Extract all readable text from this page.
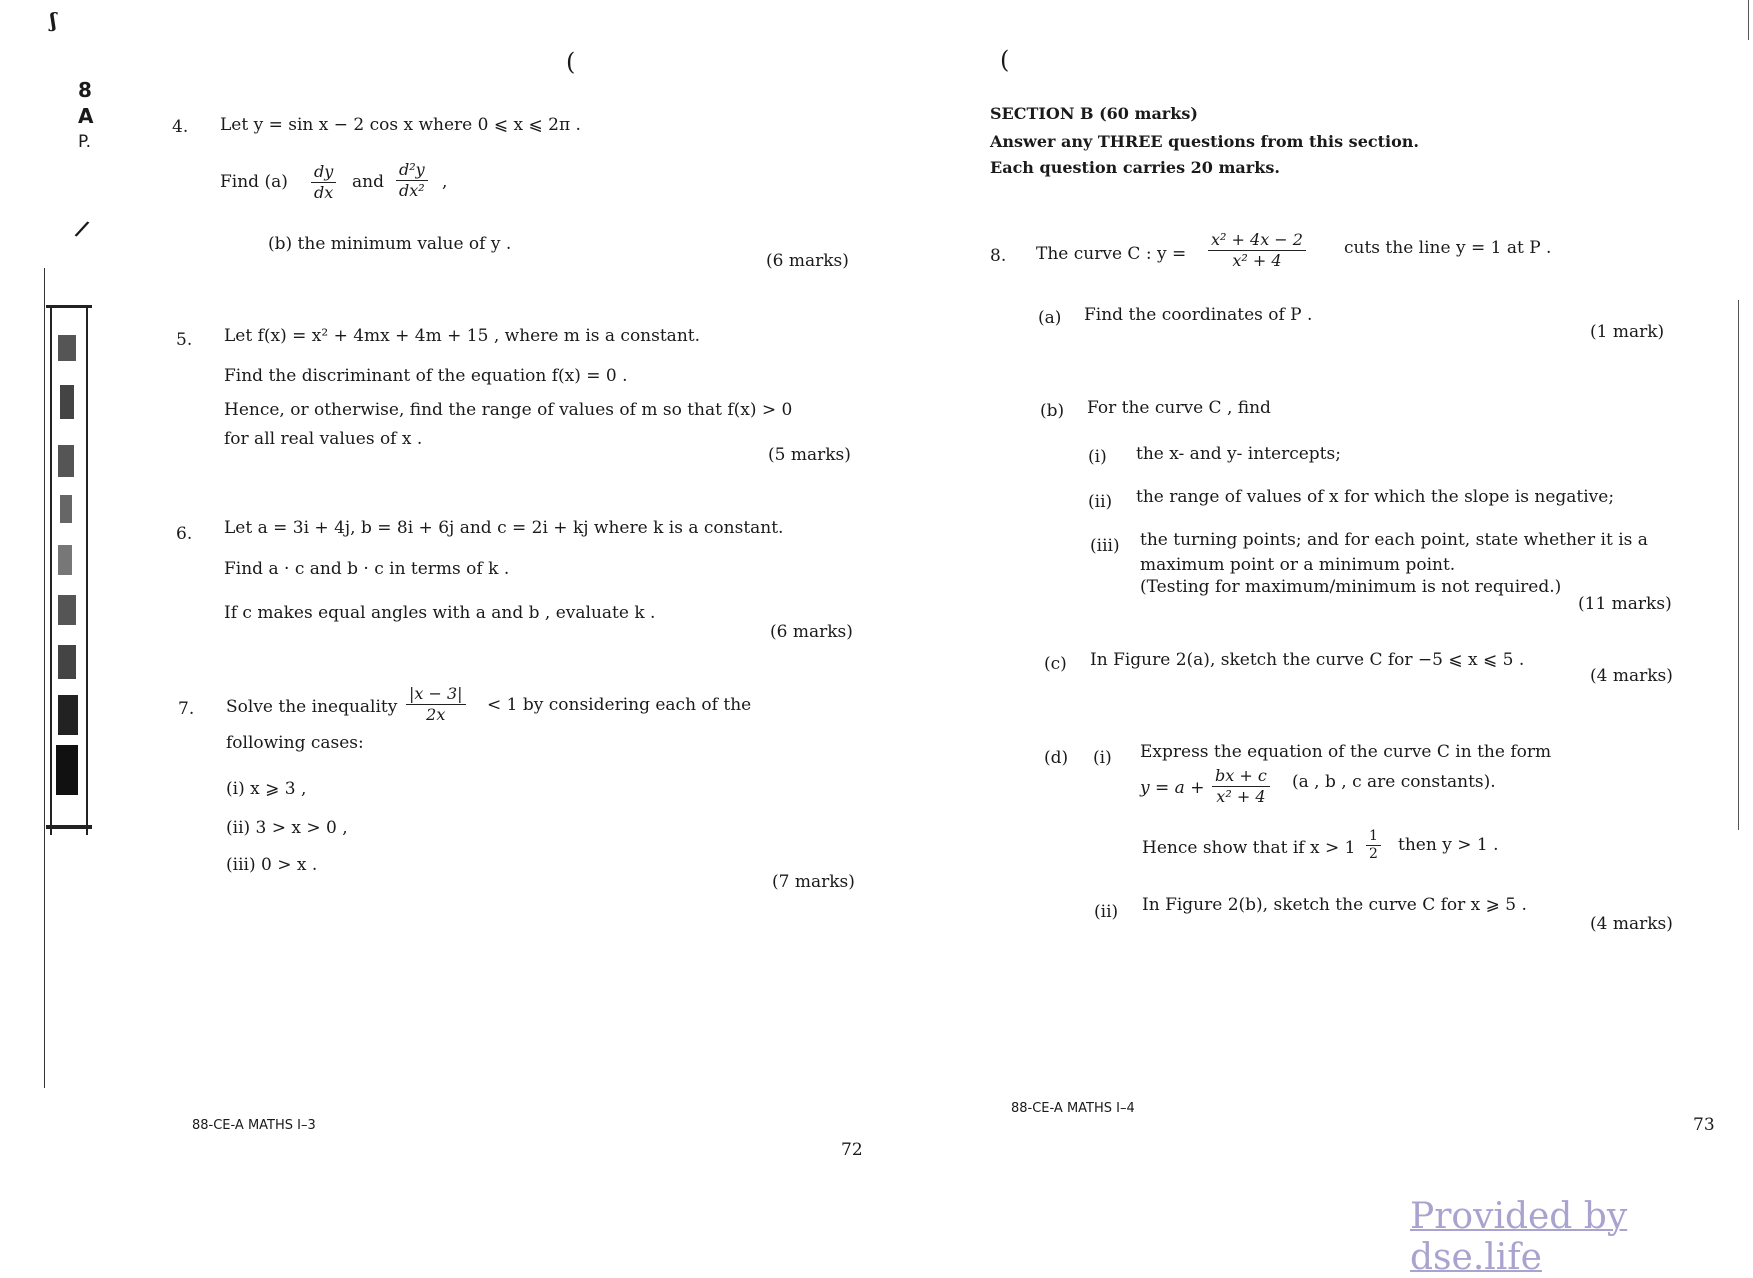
8
A
P.
ʃ
/
(	(
4. Let y = sin x − 2 cos x where 0 ⩽ x ⩽ 2π .
Find $(a) \frac{dy}{dx}$ and $\frac{\text{d²y}}{\text{dx²}}$ ,
(b) the minimum value of y .
(6 marks)
5. Let f(x) = x² + 4mx + 4m + 15 , where m is a constant.
Find the discriminant of the equation f(x) = 0 .
Hence, or otherwise, find the range of values of m so that f(x) > 0
for all real values of x .
(5 marks)
6. Let a = 3i + 4j, b = 8i + 6j and c = 2i + kj where k is a constant.
Find a · c and b · c in terms of k .
If c makes equal angles with a and b , evaluate k .
(6 marks)
7. Solve the inequality $\frac{|x - 3|}{2x} < 1$ by considering each of the
following cases:
(i) x ⩾ 3 ,
(ii) 3 > x > 0 ,
(iii) 0 > x .
(7 marks)
88-CE-A MATHS I–3
72
SECTION B (60 marks)
Answer any THREE questions from this section.
Each question carries 20 marks.
8. The curve C : $y = \frac{\text{x² + 4x − 2}}{\text{x² + 4}}$ cuts the line y = 1 at P .
(a) Find the coordinates of P .
(1 mark)
(b) For the curve C , find
(i) the x- and y- intercepts;
(ii) the range of values of x for which the slope is negative;
(iii) the turning points; and for each point, state whether it is a
maximum point or a minimum point.
(Testing for maximum/minimum is not required.)
(11 marks)
(c) In Figure 2(a), sketch the curve C for −5 ⩽ x ⩽ 5 .
(4 marks)
(d) (i) Express the equation of the curve C in the form
$y = a + \frac{bx + c}{\text{x² + 4}} (a$ , b , c are constants).
Hence show that if $x > 1 \frac{1}{2}$ then y > 1 .
(ii) In Figure 2(b), sketch the curve C for x ⩾ 5 .
(4 marks)
88-CE-A MATHS I–4
73
Provided by dse.life
